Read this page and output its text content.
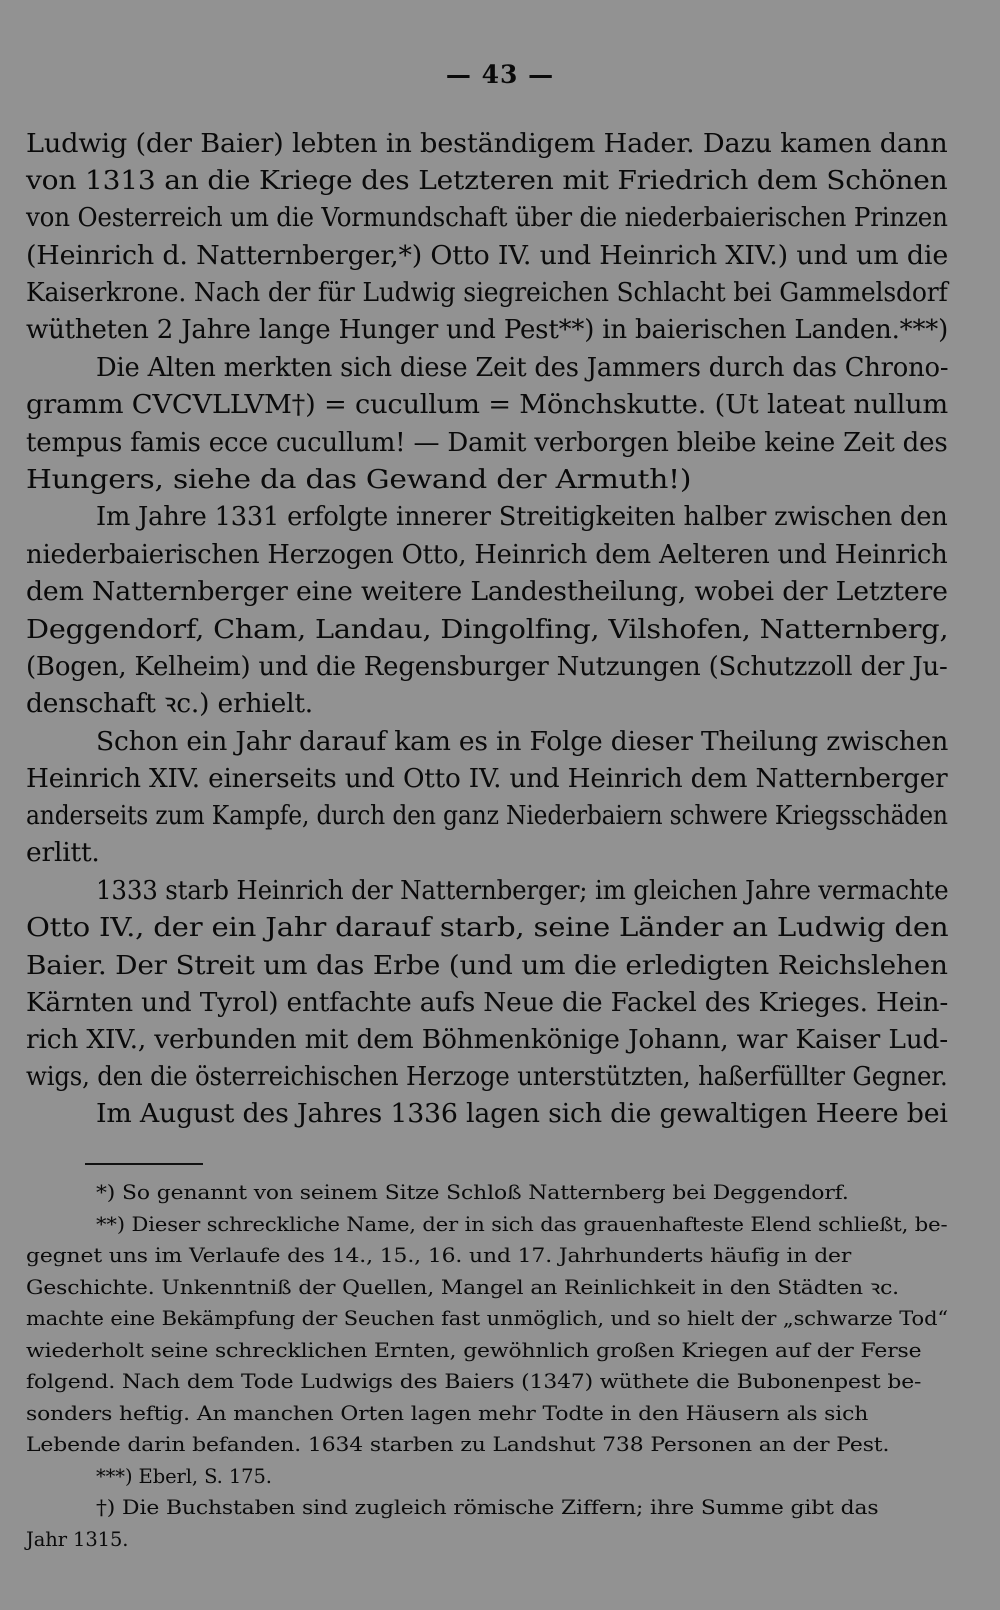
— 43 —
Ludwig (der Baier) lebten in beständigem Hader. Dazu kamen dann
von 1313 an die Kriege des Letzteren mit Friedrich dem Schönen
von Oesterreich um die Vormundschaft über die niederbaierischen Prinzen
(Heinrich d. Natternberger,*) Otto IV. und Heinrich XIV.) und um die
Kaiserkrone. Nach der für Ludwig siegreichen Schlacht bei Gammelsdorf
wütheten 2 Jahre lange Hunger und Pest**) in baierischen Landen.***)
Die Alten merkten sich diese Zeit des Jammers durch das Chrono-
gramm CVCVLLVM†) = cucullum = Mönchskutte. (Ut lateat nullum
tempus famis ecce cucullum! — Damit verborgen bleibe keine Zeit des
Hungers, siehe da das Gewand der Armuth!)
Im Jahre 1331 erfolgte innerer Streitigkeiten halber zwischen den
niederbaierischen Herzogen Otto, Heinrich dem Aelteren und Heinrich
dem Natternberger eine weitere Landestheilung, wobei der Letztere
Deggendorf, Cham, Landau, Dingolfing, Vilshofen, Natternberg,
(Bogen, Kelheim) und die Regensburger Nutzungen (Schutzzoll der Ju-
denschaft ꝛc.) erhielt.
Schon ein Jahr darauf kam es in Folge dieser Theilung zwischen
Heinrich XIV. einerseits und Otto IV. und Heinrich dem Natternberger
anderseits zum Kampfe, durch den ganz Niederbaiern schwere Kriegsschäden
erlitt.
1333 starb Heinrich der Natternberger; im gleichen Jahre vermachte
Otto IV., der ein Jahr darauf starb, seine Länder an Ludwig den
Baier. Der Streit um das Erbe (und um die erledigten Reichslehen
Kärnten und Tyrol) entfachte aufs Neue die Fackel des Krieges. Hein-
rich XIV., verbunden mit dem Böhmenkönige Johann, war Kaiser Lud-
wigs, den die österreichischen Herzoge unterstützten, haßerfüllter Gegner.
Im August des Jahres 1336 lagen sich die gewaltigen Heere bei
*) So genannt von seinem Sitze Schloß Natternberg bei Deggendorf.
**) Dieser schreckliche Name, der in sich das grauenhafteste Elend schließt, be-
gegnet uns im Verlaufe des 14., 15., 16. und 17. Jahrhunderts häufig in der
Geschichte. Unkenntniß der Quellen, Mangel an Reinlichkeit in den Städten ꝛc.
machte eine Bekämpfung der Seuchen fast unmöglich, und so hielt der „schwarze Tod“
wiederholt seine schrecklichen Ernten, gewöhnlich großen Kriegen auf der Ferse
folgend. Nach dem Tode Ludwigs des Baiers (1347) wüthete die Bubonenpest be-
sonders heftig. An manchen Orten lagen mehr Todte in den Häusern als sich
Lebende darin befanden. 1634 starben zu Landshut 738 Personen an der Pest.
***) Eberl, S. 175.
†) Die Buchstaben sind zugleich römische Ziffern; ihre Summe gibt das
Jahr 1315.
